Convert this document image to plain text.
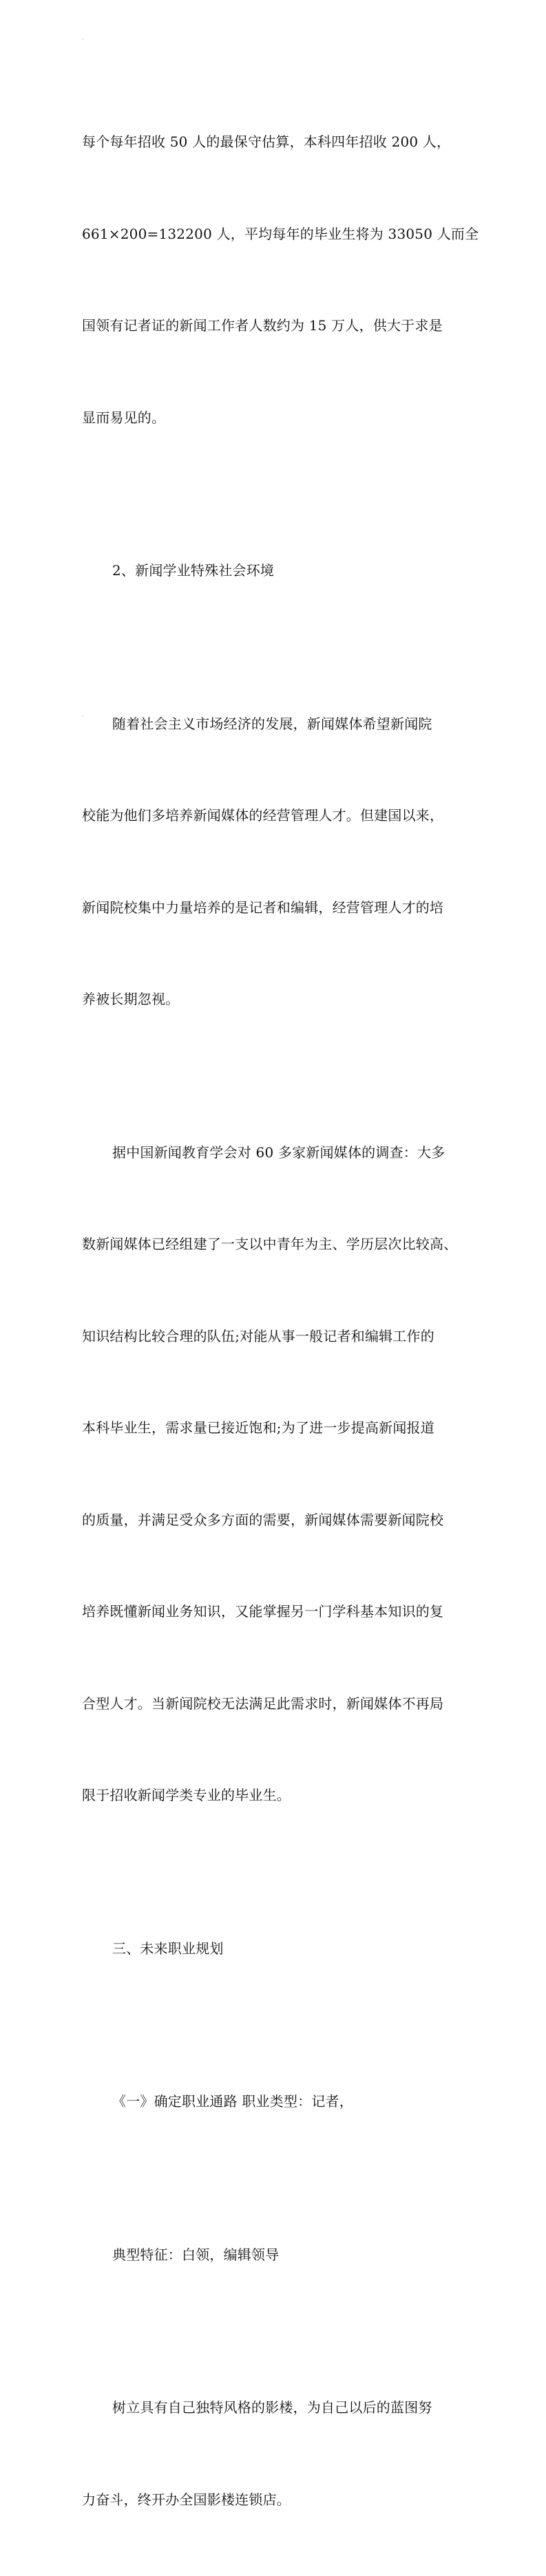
"

每个每年招收 50 人的最保守估算，本科四年招收 200 人，

661×200=132200 人，平均每年的毕业生将为 33050 人而全

国领有记者证的新闻工作者人数约为 15 万人，供大于求是

显而易见的。

2、新闻学业特殊社会环境

随着社会主义市场经济的发展，新闻媒体希望新闻院

校能为他们多培养新闻媒体的经营管理人才。但建国以来，

新闻院校集中力量培养的是记者和编辑，经营管理人才的培

养被长期忽视。

据中国新闻教育学会对 60 多家新闻媒体的调查：大多

数新闻媒体已经组建了一支以中青年为主、学历层次比较高、

知识结构比较合理的队伍;对能从事一般记者和编辑工作的

本科毕业生，需求量已接近饱和;为了进一步提高新闻报道

的质量，并满足受众多方面的需要，新闻媒体需要新闻院校

培养既懂新闻业务知识，又能掌握另一门学科基本知识的复

合型人才。当新闻院校无法满足此需求时，新闻媒体不再局

限于招收新闻学类专业的毕业生。

三、未来职业规划

《一》确定职业通路 职业类型：记者，

典型特征：白领，编辑领导

树立具有自己独特风格的影楼，为自己以后的蓝图努

力奋斗，终开办全国影楼连锁店。

"
